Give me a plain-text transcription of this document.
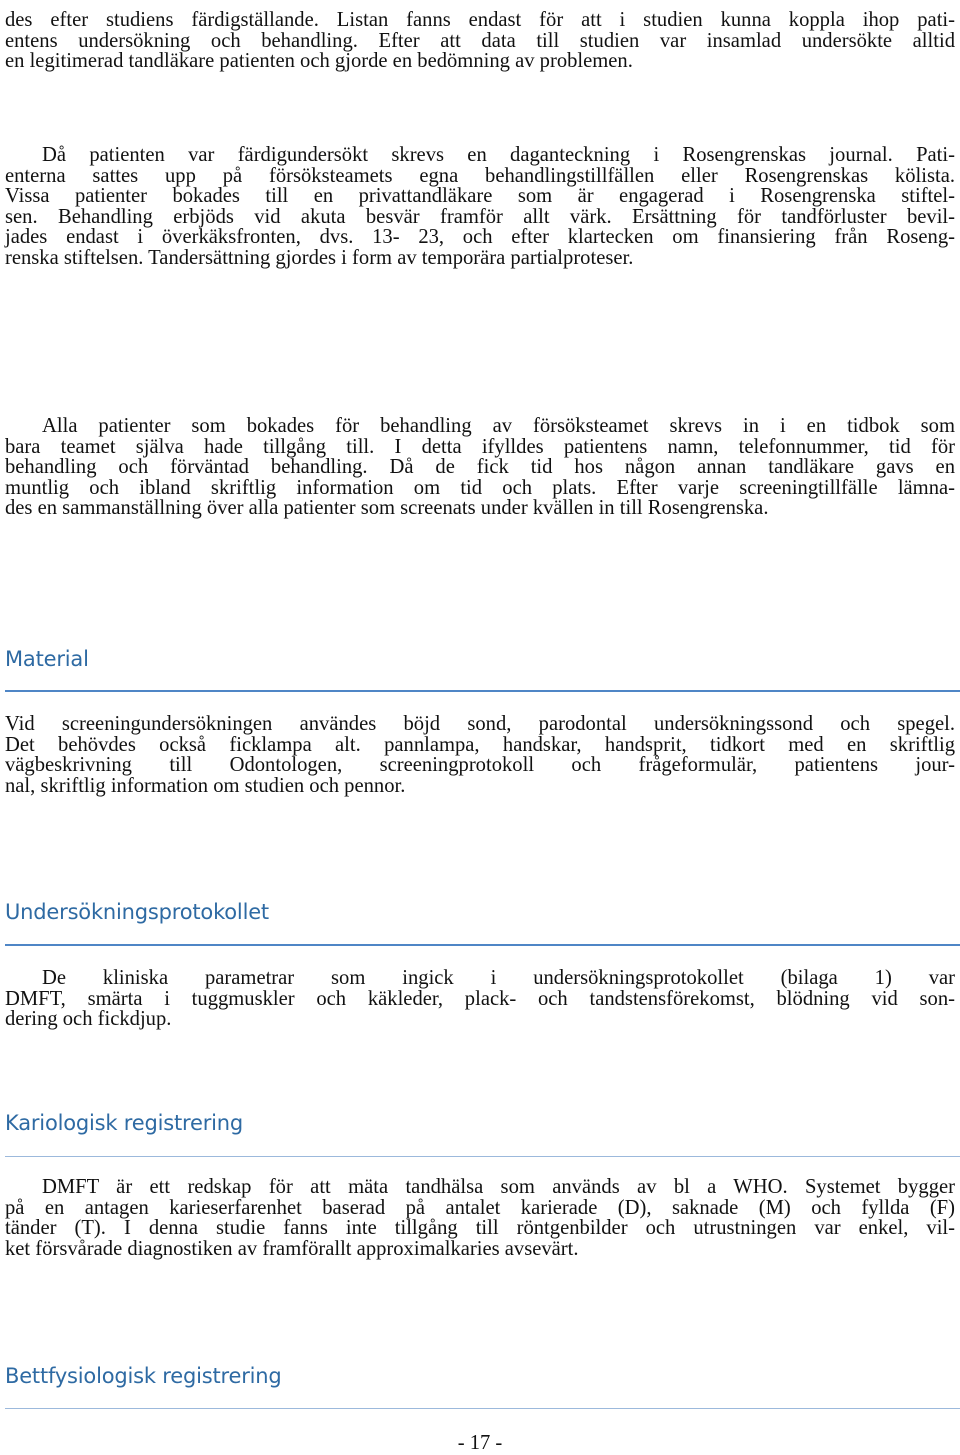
des efter studiens färdigställande. Listan fanns endast för att i studien kunna koppla ihop pati-
entens undersökning och behandling. Efter att data till studien var insamlad undersökte alltid
en legitimerad tandläkare patienten och gjorde en bedömning av problemen.
Då patienten var färdigundersökt skrevs en daganteckning i Rosengrenskas journal. Pati-
enterna sattes upp på försöksteamets egna behandlingstillfällen eller Rosengrenskas kölista.
Vissa patienter bokades till en privattandläkare som är engagerad i Rosengrenska stiftel-
sen. Behandling erbjöds vid akuta besvär framför allt värk. Ersättning för tandförluster bevil-
jades endast i överkäksfronten, dvs. 13- 23, och efter klartecken om finansiering från Roseng-
renska stiftelsen. Tandersättning gjordes i form av temporära partialproteser.
Alla patienter som bokades för behandling av försöksteamet skrevs in i en tidbok som
bara teamet själva hade tillgång till. I detta ifylldes patientens namn, telefonnummer, tid för
behandling och förväntad behandling. Då de fick tid hos någon annan tandläkare gavs en
muntlig och ibland skriftlig information om tid och plats. Efter varje screeningtillfälle lämna-
des en sammanställning över alla patienter som screenats under kvällen in till Rosengrenska.
Material
Vid screeningundersökningen användes böjd sond, parodontal undersökningssond och spegel.
Det behövdes också ficklampa alt. pannlampa, handskar, handsprit, tidkort med en skriftlig
vägbeskrivning till Odontologen, screeningprotokoll och frågeformulär, patientens jour-
nal, skriftlig information om studien och pennor.
Undersökningsprotokollet
De kliniska parametrar som ingick i undersökningsprotokollet (bilaga 1) var
DMFT, smärta i tuggmuskler och käkleder, plack- och tandstensförekomst, blödning vid son-
dering och fickdjup.
Kariologisk registrering
DMFT är ett redskap för att mäta tandhälsa som används av bl a WHO. Systemet bygger
på en antagen karieserfarenhet baserad på antalet karierade (D), saknade (M) och fyllda (F)
tänder (T). I denna studie fanns inte tillgång till röntgenbilder och utrustningen var enkel, vil-
ket försvårade diagnostiken av framförallt approximalkaries avsevärt.
Bettfysiologisk registrering
- 17 -
